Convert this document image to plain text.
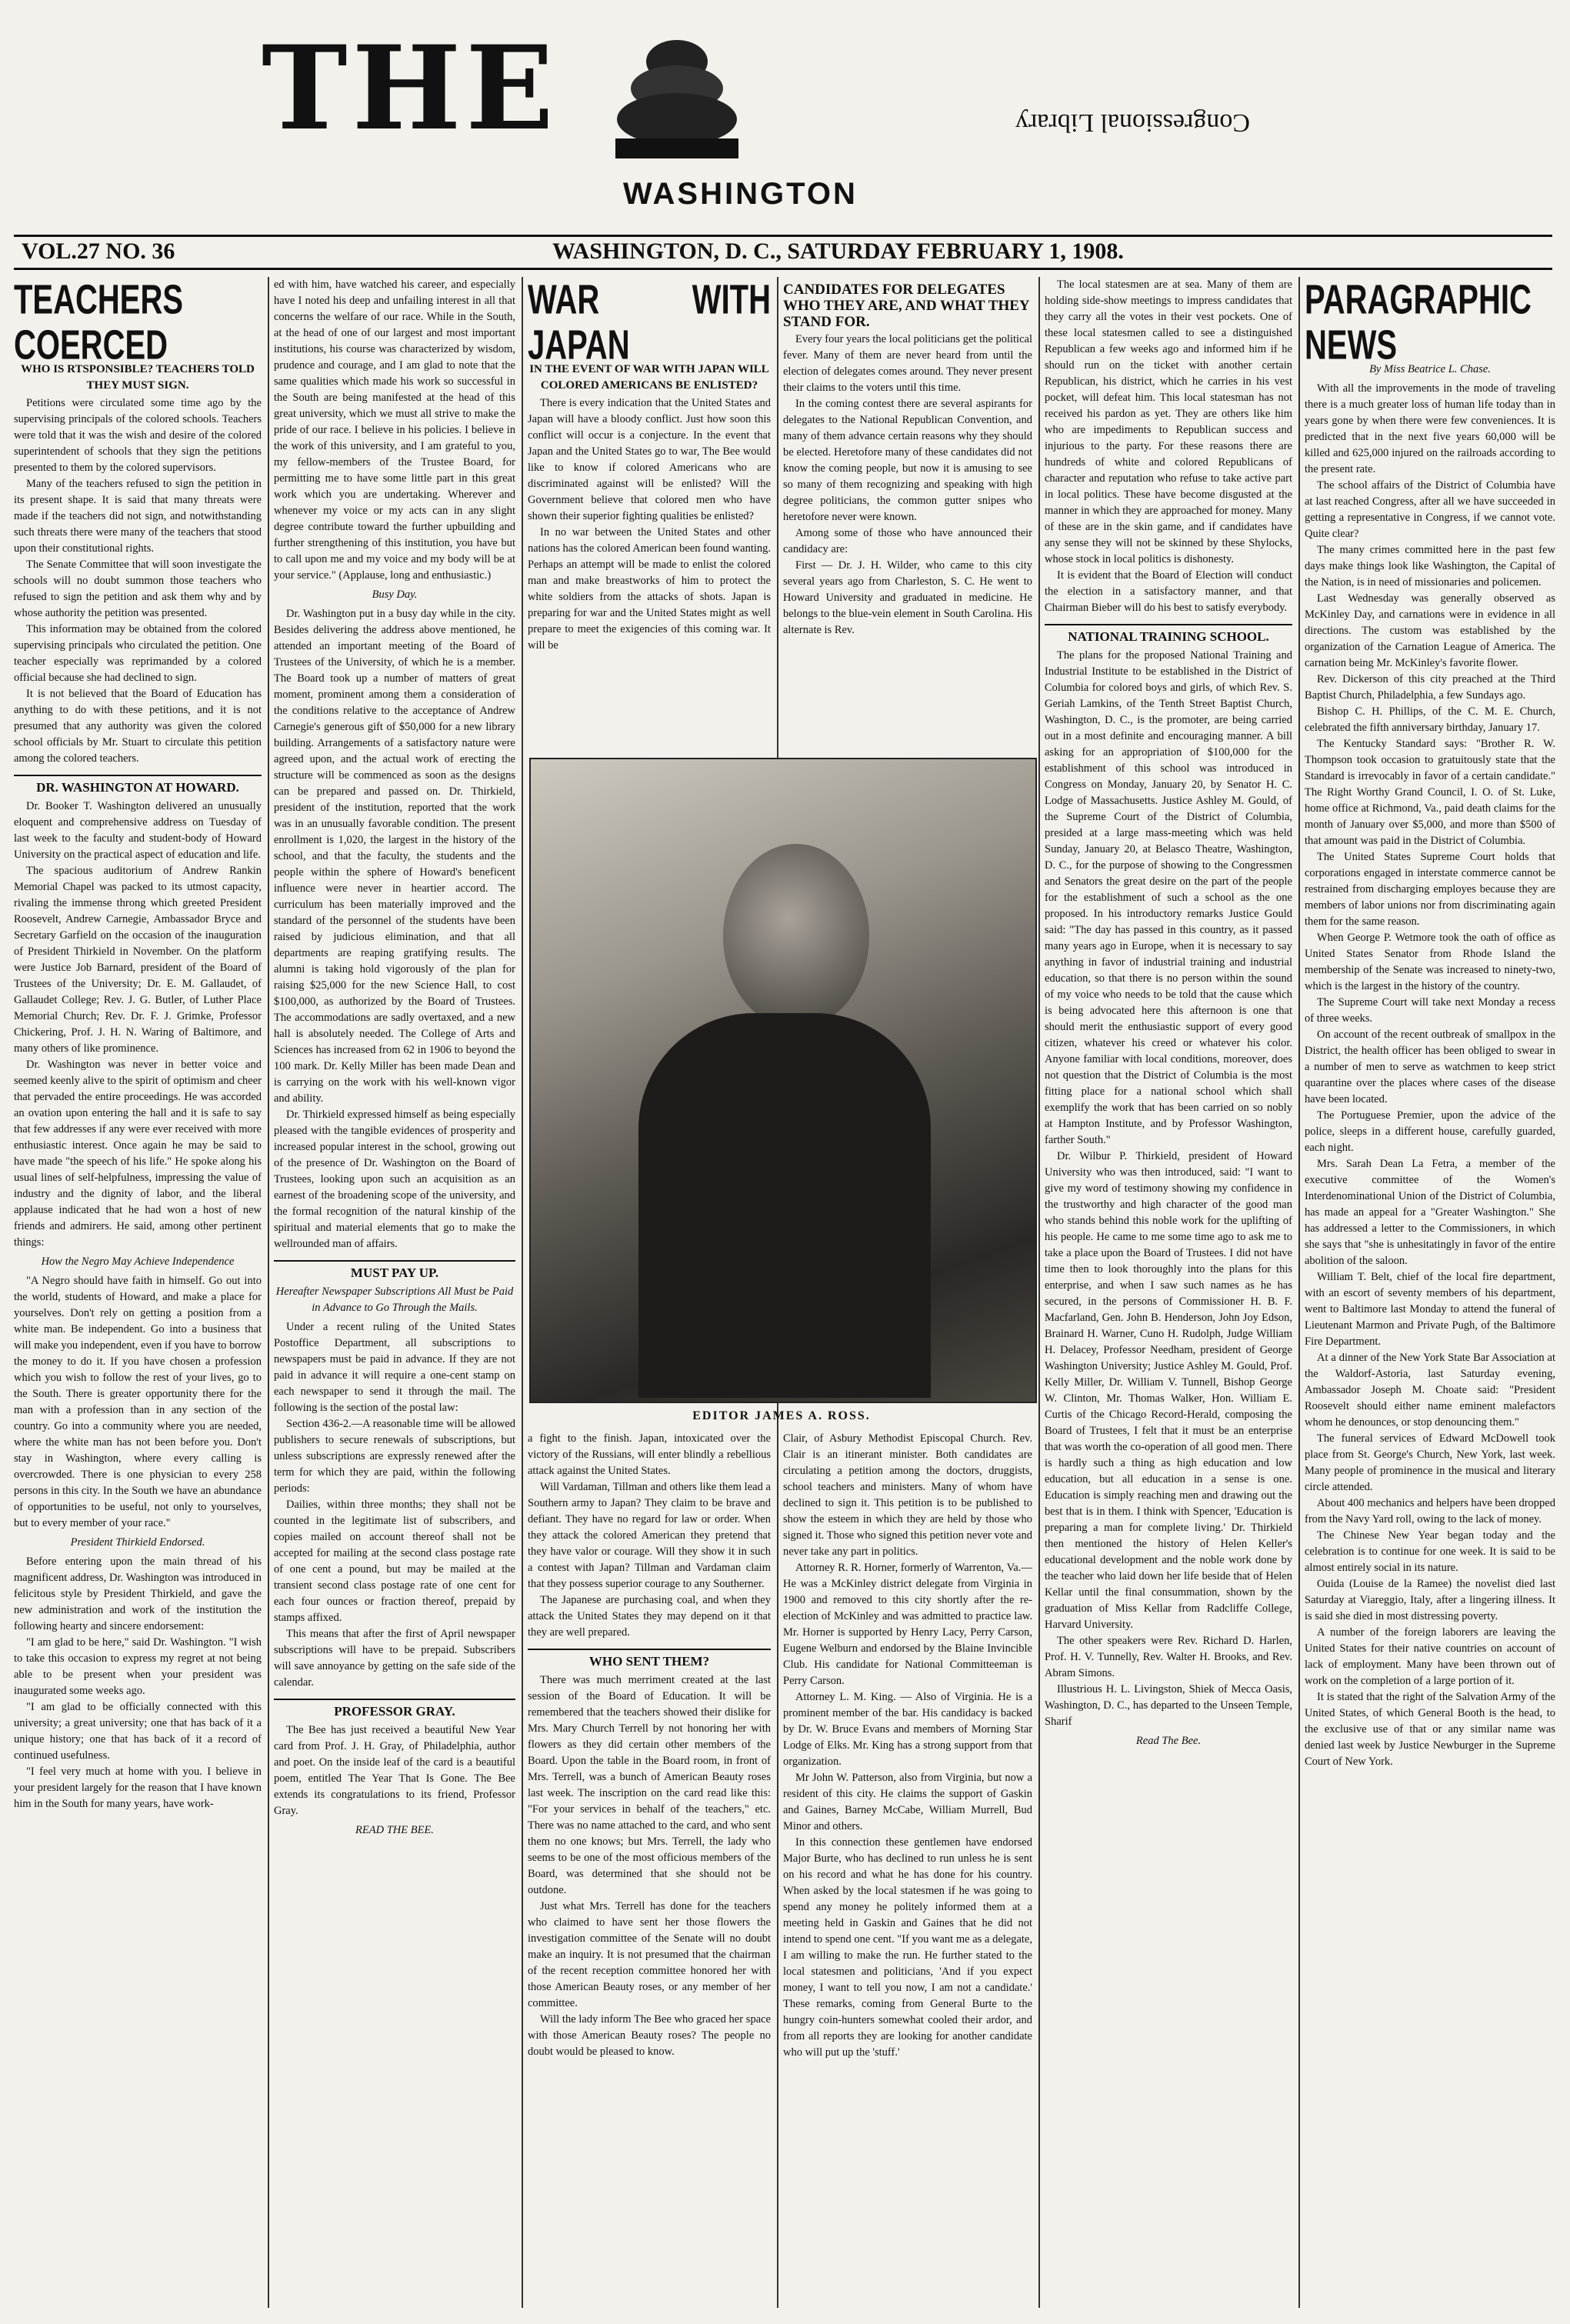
THE
WASHINGTON
Congressional Library
VOL.27 NO. 36	WASHINGTON, D. C., SATURDAY FEBRUARY 1, 1908.

TEACHERS COERCED

WHO IS RTSPONSIBLE? TEACHERS TOLD THEY MUST SIGN.

Petitions were circulated some time ago by the supervising principals of the colored schools. Teachers were told that it was the wish and desire of the colored superintendent of schools that they sign the petitions presented to them by the colored supervisors.

Many of the teachers refused to sign the petition in its present shape. It is said that many threats were made if the teachers did not sign, and notwithstanding such threats there were many of the teachers that stood upon their constitutional rights.

The Senate Committee that will soon investigate the schools will no doubt summon those teachers who refused to sign the petition and ask them why and by whose authority the petition was presented.

This information may be obtained from the colored supervising principals who circulated the petition. One teacher especially was reprimanded by a colored official because she had declined to sign.

It is not believed that the Board of Education has anything to do with these petitions, and it is not presumed that any authority was given the colored school officials by Mr. Stuart to circulate this petition among the colored teachers.

DR. WASHINGTON AT HOWARD.

Dr. Booker T. Washington delivered an unusually eloquent and comprehensive address on Tuesday of last week to the faculty and student-body of Howard University on the practical aspect of education and life.

The spacious auditorium of Andrew Rankin Memorial Chapel was packed to its utmost capacity, rivaling the immense throng which greeted President Roosevelt, Andrew Carnegie, Ambassador Bryce and Secretary Garfield on the occasion of the inauguration of President Thirkield in November. On the platform were Justice Job Barnard, president of the Board of Trustees of the University; Dr. E. M. Gallaudet, of Gallaudet College; Rev. J. G. Butler, of Luther Place Memorial Church; Rev. Dr. F. J. Grimke, Professor Chickering, Prof. J. H. N. Waring of Baltimore, and many others of like prominence.

Dr. Washington was never in better voice and seemed keenly alive to the spirit of optimism and cheer that pervaded the entire proceedings. He was accorded an ovation upon entering the hall and it is safe to say that few addresses if any were ever received with more enthusiastic interest. Once again he may be said to have made "the speech of his life." He spoke along his usual lines of self-helpfulness, impressing the value of industry and the dignity of labor, and the liberal applause indicated that he had won a host of new friends and admirers. He said, among other pertinent things:

How the Negro May Achieve Independence

"A Negro should have faith in himself. Go out into the world, students of Howard, and make a place for yourselves. Don't rely on getting a position from a white man. Be independent. Go into a business that will make you independent, even if you have to borrow the money to do it. If you have chosen a profession which you wish to follow the rest of your lives, go to the South. There is greater opportunity there for the man with a profession than in any section of the country. Go into a community where you are needed, where the white man has not been before you. Don't stay in Washington, where every calling is overcrowded. There is one physician to every 258 persons in this city. In the South we have an abundance of opportunities to be useful, not only to yourselves, but to every member of your race."

President Thirkield Endorsed.

Before entering upon the main thread of his magnificent address, Dr. Washington was introduced in felicitous style by President Thirkield, and gave the new administration and work of the institution the following hearty and sincere endorsement:

"I am glad to be here," said Dr. Washington. "I wish to take this occasion to express my regret at not being able to be present when your president was inaugurated some weeks ago.

"I am glad to be officially connected with this university; a great university; one that has back of it a unique history; one that has back of it a record of continued usefulness.

"I feel very much at home with you. I believe in your president largely for the reason that I have known him in the South for many years, have work-

ed with him, have watched his career, and especially have I noted his deep and unfailing interest in all that concerns the welfare of our race. While in the South, at the head of one of our largest and most important institutions, his course was characterized by wisdom, prudence and courage, and I am glad to note that the same qualities which made his work so successful in the South are being manifested at the head of this great university, which we must all strive to make the pride of our race. I believe in his policies. I believe in the work of this university, and I am grateful to you, my fellow-members of the Trustee Board, for permitting me to have some little part in this great work which you are undertaking. Wherever and whenever my voice or my acts can in any slight degree contribute toward the further upbuilding and further strengthening of this institution, you have but to call upon me and my voice and my body will be at your service." (Applause, long and enthusiastic.)

Busy Day.

Dr. Washington put in a busy day while in the city. Besides delivering the address above mentioned, he attended an important meeting of the Board of Trustees of the University, of which he is a member. The Board took up a number of matters of great moment, prominent among them a consideration of the conditions relative to the acceptance of Andrew Carnegie's generous gift of $50,000 for a new library building. Arrangements of a satisfactory nature were agreed upon, and the actual work of erecting the structure will be commenced as soon as the designs can be prepared and passed on. Dr. Thirkield, president of the institution, reported that the work was in an unusually favorable condition. The present enrollment is 1,020, the largest in the history of the school, and that the faculty, the students and the people within the sphere of Howard's beneficent influence were never in heartier accord. The curriculum has been materially improved and the standard of the personnel of the students have been raised by judicious elimination, and that all departments are reaping gratifying results. The alumni is taking hold vigorously of the plan for raising $25,000 for the new Science Hall, to cost $100,000, as authorized by the Board of Trustees. The accommodations are sadly overtaxed, and a new hall is absolutely needed. The College of Arts and Sciences has increased from 62 in 1906 to beyond the 100 mark. Dr. Kelly Miller has been made Dean and is carrying on the work with his well-known vigor and ability.

Dr. Thirkield expressed himself as being especially pleased with the tangible evidences of prosperity and increased popular interest in the school, growing out of the presence of Dr. Washington on the Board of Trustees, looking upon such an acquisition as an earnest of the broadening scope of the university, and the formal recognition of the natural kinship of the spiritual and material elements that go to make the wellrounded man of affairs.

MUST PAY UP.

Hereafter Newspaper Subscriptions All Must be Paid in Advance to Go Through the Mails.

Under a recent ruling of the United States Postoffice Department, all subscriptions to newspapers must be paid in advance. If they are not paid in advance it will require a one-cent stamp on each newspaper to send it through the mail. The following is the section of the postal law:

Section 436-2.—A reasonable time will be allowed publishers to secure renewals of subscriptions, but unless subscriptions are expressly renewed after the term for which they are paid, within the following periods:

Dailies, within three months; they shall not be counted in the legitimate list of subscribers, and copies mailed on account thereof shall not be accepted for mailing at the second class postage rate of one cent a pound, but may be mailed at the transient second class postage rate of one cent for each four ounces or fraction thereof, prepaid by stamps affixed.

This means that after the first of April newspaper subscriptions will have to be prepaid. Subscribers will save annoyance by getting on the safe side of the calendar.

PROFESSOR GRAY.

The Bee has just received a beautiful New Year card from Prof. J. H. Gray, of Philadelphia, author and poet. On the inside leaf of the card is a beautiful poem, entitled The Year That Is Gone. The Bee extends its congratulations to its friend, Professor Gray.

READ THE BEE.

WAR WITH JAPAN

IN THE EVENT OF WAR WITH JAPAN WILL COLORED AMERICANS BE ENLISTED?

There is every indication that the United States and Japan will have a bloody conflict. Just how soon this conflict will occur is a conjecture. In the event that Japan and the United States go to war, The Bee would like to know if colored Americans who are discriminated against will be enlisted? Will the Government believe that colored men who have shown their superior fighting qualities be enlisted?

In no war between the United States and other nations has the colored American been found wanting. Perhaps an attempt will be made to enlist the colored man and make breastworks of him to protect the white soldiers from the attacks of shots. Japan is preparing for war and the United States might as well prepare to meet the exigencies of this coming war. It will be

CANDIDATES FOR DELEGATES WHO THEY ARE, AND WHAT THEY STAND FOR.

Every four years the local politicians get the political fever. Many of them are never heard from until the election of delegates comes around. They never present their claims to the voters until this time.

In the coming contest there are several aspirants for delegates to the National Republican Convention, and many of them advance certain reasons why they should be elected. Heretofore many of these candidates did not know the coming people, but now it is amusing to see so many of them recognizing and speaking with high degree politicians, the common gutter snipes who heretofore never were known.

Among some of those who have announced their candidacy are:

First — Dr. J. H. Wilder, who came to this city several years ago from Charleston, S. C. He went to Howard University and graduated in medicine. He belongs to the blue-vein element in South Carolina. His alternate is Rev.

EDITOR JAMES A. ROSS.

a fight to the finish. Japan, intoxicated over the victory of the Russians, will enter blindly a rebellious attack against the United States.

Will Vardaman, Tillman and others like them lead a Southern army to Japan? They claim to be brave and defiant. They have no regard for law or order. When they attack the colored American they pretend that they have valor or courage. Will they show it in such a contest with Japan? Tillman and Vardaman claim that they possess superior courage to any Southerner.

The Japanese are purchasing coal, and when they attack the United States they may depend on it that they are well prepared.

WHO SENT THEM?

There was much merriment created at the last session of the Board of Education. It will be remembered that the teachers showed their dislike for Mrs. Mary Church Terrell by not honoring her with flowers as they did certain other members of the Board. Upon the table in the Board room, in front of Mrs. Terrell, was a bunch of American Beauty roses last week. The inscription on the card read like this: "For your services in behalf of the teachers," etc. There was no name attached to the card, and who sent them no one knows; but Mrs. Terrell, the lady who seems to be one of the most officious members of the Board, was determined that she should not be outdone.

Just what Mrs. Terrell has done for the teachers who claimed to have sent her those flowers the investigation committee of the Senate will no doubt make an inquiry. It is not presumed that the chairman of the recent reception committee honored her with those American Beauty roses, or any member of her committee.

Will the lady inform The Bee who graced her space with those American Beauty roses? The people no doubt would be pleased to know.

Clair, of Asbury Methodist Episcopal Church. Rev. Clair is an itinerant minister. Both candidates are circulating a petition among the doctors, druggists, school teachers and ministers. Many of whom have declined to sign it. This petition is to be published to show the esteem in which they are held by those who signed it. Those who signed this petition never vote and never take any part in politics.

Attorney R. R. Horner, formerly of Warrenton, Va.—He was a McKinley district delegate from Virginia in 1900 and removed to this city shortly after the re-election of McKinley and was admitted to practice law. Mr. Horner is supported by Henry Lacy, Perry Carson, Eugene Welburn and endorsed by the Blaine Invincible Club. His candidate for National Committeeman is Perry Carson.

Attorney L. M. King. — Also of Virginia. He is a prominent member of the bar. His candidacy is backed by Dr. W. Bruce Evans and members of Morning Star Lodge of Elks. Mr. King has a strong support from that organization.

Mr John W. Patterson, also from Virginia, but now a resident of this city. He claims the support of Gaskin and Gaines, Barney McCabe, William Murrell, Bud Minor and others.

In this connection these gentlemen have endorsed Major Burte, who has declined to run unless he is sent on his record and what he has done for his country. When asked by the local statesmen if he was going to spend any money he politely informed them at a meeting held in Gaskin and Gaines that he did not intend to spend one cent. "If you want me as a delegate, I am willing to make the run. He further stated to the local statesmen and politicians, 'And if you expect money, I want to tell you now, I am not a candidate.' These remarks, coming from General Burte to the hungry coin-hunters somewhat cooled their ardor, and from all reports they are looking for another candidate who will put up the 'stuff.'

The local statesmen are at sea. Many of them are holding side-show meetings to impress candidates that they carry all the votes in their vest pockets. One of these local statesmen called to see a distinguished Republican a few weeks ago and informed him if he should run on the ticket with another certain Republican, his district, which he carries in his vest pocket, will defeat him. This local statesman has not received his pardon as yet. They are others like him who are impediments to Republican success and injurious to the party. For these reasons there are hundreds of white and colored Republicans of character and reputation who refuse to take active part in local politics. These have become disgusted at the manner in which they are approached for money. Many of these are in the skin game, and if candidates have any sense they will not be skinned by these Shylocks, whose stock in local politics is dishonesty.

It is evident that the Board of Election will conduct the election in a satisfactory manner, and that Chairman Bieber will do his best to satisfy everybody.

NATIONAL TRAINING SCHOOL.

The plans for the proposed National Training and Industrial Institute to be established in the District of Columbia for colored boys and girls, of which Rev. S. Geriah Lamkins, of the Tenth Street Baptist Church, Washington, D. C., is the promoter, are being carried out in a most definite and encouraging manner. A bill asking for an appropriation of $100,000 for the establishment of this school was introduced in Congress on Monday, January 20, by Senator H. C. Lodge of Massachusetts. Justice Ashley M. Gould, of the Supreme Court of the District of Columbia, presided at a large mass-meeting which was held Sunday, January 20, at Belasco Theatre, Washington, D. C., for the purpose of showing to the Congressmen and Senators the great desire on the part of the people for the establishment of such a school as the one proposed. In his introductory remarks Justice Gould said: "The day has passed in this country, as it passed many years ago in Europe, when it is necessary to say anything in favor of industrial training and industrial education, so that there is no person within the sound of my voice who needs to be told that the cause which is being advocated here this afternoon is one that should merit the enthusiastic support of every good citizen, whatever his creed or whatever his color. Anyone familiar with local conditions, moreover, does not question that the District of Columbia is the most fitting place for a national school which shall exemplify the work that has been carried on so nobly at Hampton Institute, and by Professor Washington, farther South."

Dr. Wilbur P. Thirkield, president of Howard University who was then introduced, said: "I want to give my word of testimony showing my confidence in the trustworthy and high character of the good man who stands behind this noble work for the uplifting of his people. He came to me some time ago to ask me to take a place upon the Board of Trustees. I did not have time then to look thoroughly into the plans for this enterprise, and when I saw such names as he has secured, in the persons of Commissioner H. B. F. Macfarland, Gen. John B. Henderson, John Joy Edson, Brainard H. Warner, Cuno H. Rudolph, Judge William H. Delacey, Professor Needham, president of George Washington University; Justice Ashley M. Gould, Prof. Kelly Miller, Dr. William V. Tunnell, Bishop George W. Clinton, Mr. Thomas Walker, Hon. William E. Curtis of the Chicago Record-Herald, composing the Board of Trustees, I felt that it must be an enterprise that was worth the co-operation of all good men. There is hardly such a thing as high education and low education, but all education in a sense is one. Education is simply reaching men and drawing out the best that is in them. I think with Spencer, 'Education is preparing a man for complete living.' Dr. Thirkield then mentioned the history of Helen Keller's educational development and the noble work done by the teacher who laid down her life beside that of Helen Kellar until the final consummation, shown by the graduation of Miss Kellar from Radcliffe College, Harvard University.

The other speakers were Rev. Richard D. Harlen, Prof. H. V. Tunnelly, Rev. Walter H. Brooks, and Rev. Abram Simons.

Illustrious H. L. Livingston, Shiek of Mecca Oasis, Washington, D. C., has departed to the Unseen Temple, Sharif

Read The Bee.

PARAGRAPHIC NEWS

By Miss Beatrice L. Chase.

With all the improvements in the mode of traveling there is a much greater loss of human life today than in years gone by when there were few conveniences. It is predicted that in the next five years 60,000 will be killed and 625,000 injured on the railroads according to the present rate.

The school affairs of the District of Columbia have at last reached Congress, after all we have succeeded in getting a representative in Congress, if we cannot vote. Quite clear?

The many crimes committed here in the past few days make things look like Washington, the Capital of the Nation, is in need of missionaries and policemen.

Last Wednesday was generally observed as McKinley Day, and carnations were in evidence in all directions. The custom was established by the organization of the Carnation League of America. The carnation being Mr. McKinley's favorite flower.

Rev. Dickerson of this city preached at the Third Baptist Church, Philadelphia, a few Sundays ago.

Bishop C. H. Phillips, of the C. M. E. Church, celebrated the fifth anniversary birthday, January 17.

The Kentucky Standard says: "Brother R. W. Thompson took occasion to gratuitously state that the Standard is irrevocably in favor of a certain candidate." The Right Worthy Grand Council, I. O. of St. Luke, home office at Richmond, Va., paid death claims for the month of January over $5,000, and more than $500 of that amount was paid in the District of Columbia.

The United States Supreme Court holds that corporations engaged in interstate commerce cannot be restrained from discharging employes because they are members of labor unions nor from discriminating again them for the same reason.

When George P. Wetmore took the oath of office as United States Senator from Rhode Island the membership of the Senate was increased to ninety-two, which is the largest in the history of the country.

The Supreme Court will take next Monday a recess of three weeks.

On account of the recent outbreak of smallpox in the District, the health officer has been obliged to swear in a number of men to serve as watchmen to keep strict quarantine over the places where cases of the disease have been located.

The Portuguese Premier, upon the advice of the police, sleeps in a different house, carefully guarded, each night.

Mrs. Sarah Dean La Fetra, a member of the executive committee of the Women's Interdenominational Union of the District of Columbia, has made an appeal for a "Greater Washington." She has addressed a letter to the Commissioners, in which she says that "she is unhesitatingly in favor of the entire abolition of the saloon.

William T. Belt, chief of the local fire department, with an escort of seventy members of his department, went to Baltimore last Monday to attend the funeral of Lieutenant Marmon and Private Pugh, of the Baltimore Fire Department.

At a dinner of the New York State Bar Association at the Waldorf-Astoria, last Saturday evening, Ambassador Joseph M. Choate said: "President Roosevelt should either name eminent malefactors whom he denounces, or stop denouncing them."

The funeral services of Edward McDowell took place from St. George's Church, New York, last week. Many people of prominence in the musical and literary circle attended.

About 400 mechanics and helpers have been dropped from the Navy Yard roll, owing to the lack of money.

The Chinese New Year began today and the celebration is to continue for one week. It is said to be almost entirely social in its nature.

Ouida (Louise de la Ramee) the novelist died last Saturday at Viareggio, Italy, after a lingering illness. It is said she died in most distressing poverty.

A number of the foreign laborers are leaving the United States for their native countries on account of lack of employment. Many have been thrown out of work on the completion of a large portion of it.

It is stated that the right of the Salvation Army of the United States, of which General Booth is the head, to the exclusive use of that or any similar name was denied last week by Justice Newburger in the Supreme Court of New York.
